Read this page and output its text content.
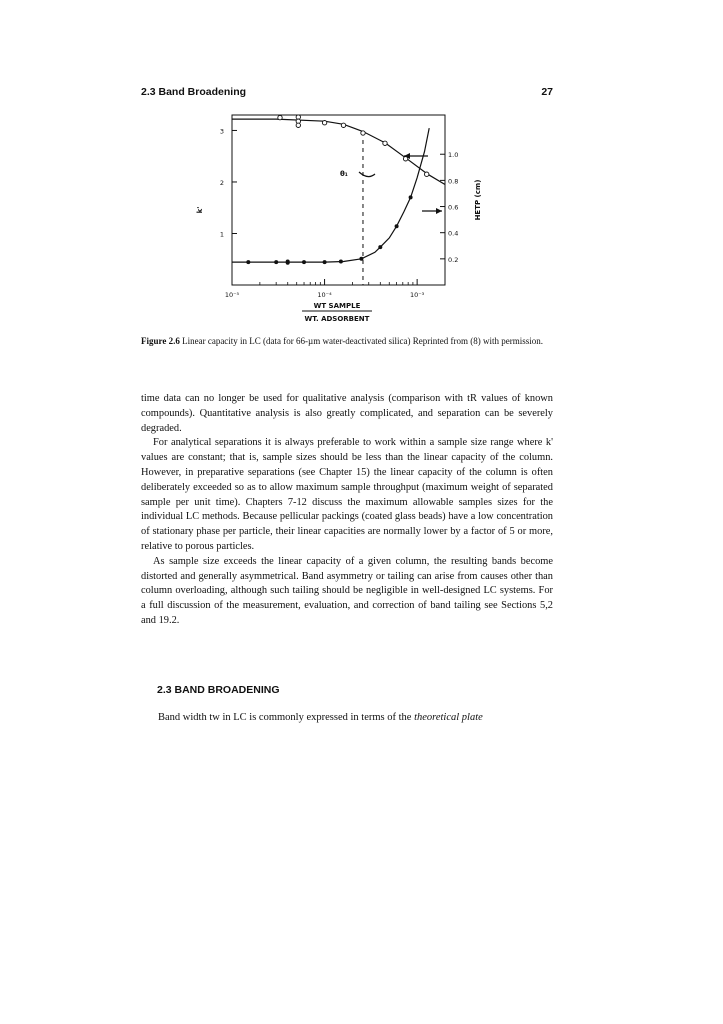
2.3 Band Broadening	27
10⁻⁵	10⁻⁴	10⁻³
1
2
3
0.2
0.4
0.6
0.8
1.0
θ₁
k'	HETP (cm)
WT SAMPLE
WT. ADSORBENT
Figure 2.6 Linear capacity in LC (data for 66-µm water-deactivated silica) Reprinted from (8) with permission.

time data can no longer be used for qualitative analysis (comparison with tR values of known compounds). Quantitative analysis is also greatly complicated, and separation can be severely degraded.

For analytical separations it is always preferable to work within a sample size range where k' values are constant; that is, sample sizes should be less than the linear capacity of the column. However, in preparative separations (see Chapter 15) the linear capacity of the column is often deliberately exceeded so as to allow maximum sample throughput (maximum weight of separated sample per unit time). Chapters 7-12 discuss the maximum allowable samples sizes for the individual LC methods. Because pellicular packings (coated glass beads) have a low concentration of stationary phase per particle, their linear capacities are normally lower by a factor of 5 or more, relative to porous particles.

As sample size exceeds the linear capacity of a given column, the resulting bands become distorted and generally asymmetrical. Band asymmetry or tailing can arise from causes other than column overloading, although such tailing should be negligible in well-designed LC systems. For a full discussion of the measurement, evaluation, and correction of band tailing see Sections 5,2 and 19.2.

2.3 BAND BROADENING
Band width tw in LC is commonly expressed in terms of the theoretical plate
